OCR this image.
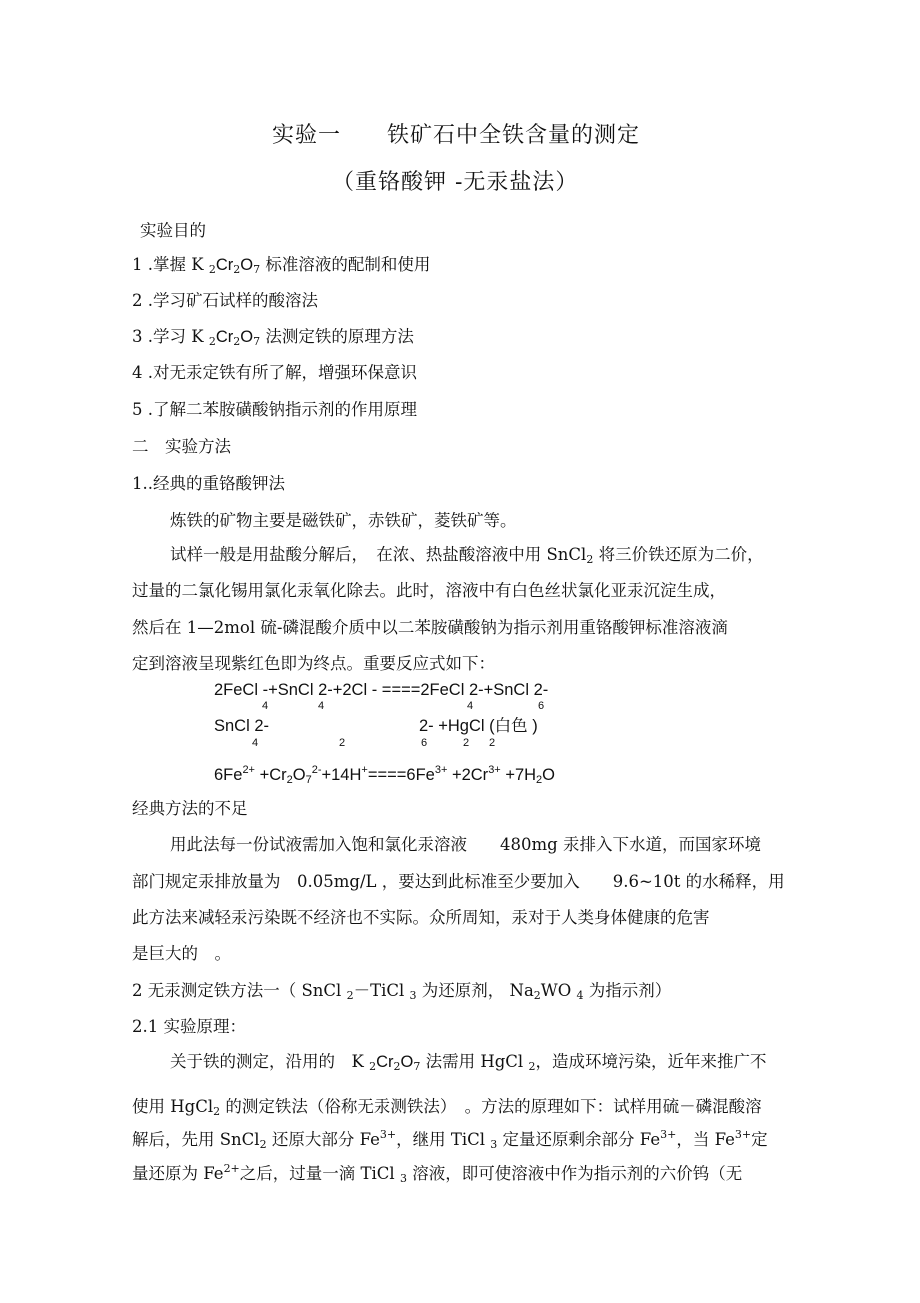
实验一　　铁矿石中全铁含量的测定
（重铬酸钾 -无汞盐法）
实验目的
1 .掌握 K 2Cr2O7 标准溶液的配制和使用
2 .学习矿石试样的酸溶法
3 .学习 K 2Cr2O7 法测定铁的原理方法
4 .对无汞定铁有所了解，增强环保意识
5 .了解二苯胺磺酸钠指示剂的作用原理
二　实验方法
1..经典的重铬酸钾法
炼铁的矿物主要是磁铁矿，赤铁矿，菱铁矿等。
试样一般是用盐酸分解后，　在浓、热盐酸溶液中用 SnCl2 将三价铁还原为二价，
过量的二氯化锡用氯化汞氧化除去。此时，溶液中有白色丝状氯化亚汞沉淀生成，
然后在 1—2mol 硫-磷混酸介质中以二苯胺磺酸钠为指示剂用重铬酸钾标准溶液滴
定到溶液呈现紫红色即为终点。重要反应式如下：
2FeCl -+SnCl 2-+2Cl - ====2FeCl 2-+SnCl 2-
4	4	4	6
SnCl 2-	2- +HgCl (白色 )
4	2	6	2 2
$6Fe^{2+} +Cr2O7^{2-}+14H^+====6Fe^{3+} +2Cr^{3+} +7H2O$
经典方法的不足
用此法每一份试液需加入饱和氯化汞溶液　　480mg 汞排入下水道，而国家环境
部门规定汞排放量为　0.05mg/L ，要达到此标准至少要加入　　9.6~10t 的水稀释，用
此方法来减轻汞污染既不经济也不实际。众所周知，汞对于人类身体健康的危害
是巨大的　。
2 无汞测定铁方法一（ SnCl 2－TiCl 3 为还原剂， Na2WO 4 为指示剂）
2.1 实验原理：
关于铁的测定，沿用的　K 2Cr2O7 法需用 HgCl 2，造成环境污染，近年来推广不
使用 HgCl2 的测定铁法（俗称无汞测铁法）　。方法的原理如下：试样用硫－磷混酸溶
解后，先用 SnCl2 还原大部分 $Fe^{3+}$，继用 TiCl 3 定量还原剩余部分 $Fe^{3+}$，当 $Fe^{3+}$定
量还原为 $Fe^{2+}$之后，过量一滴 TiCl 3 溶液，即可使溶液中作为指示剂的六价钨（无
